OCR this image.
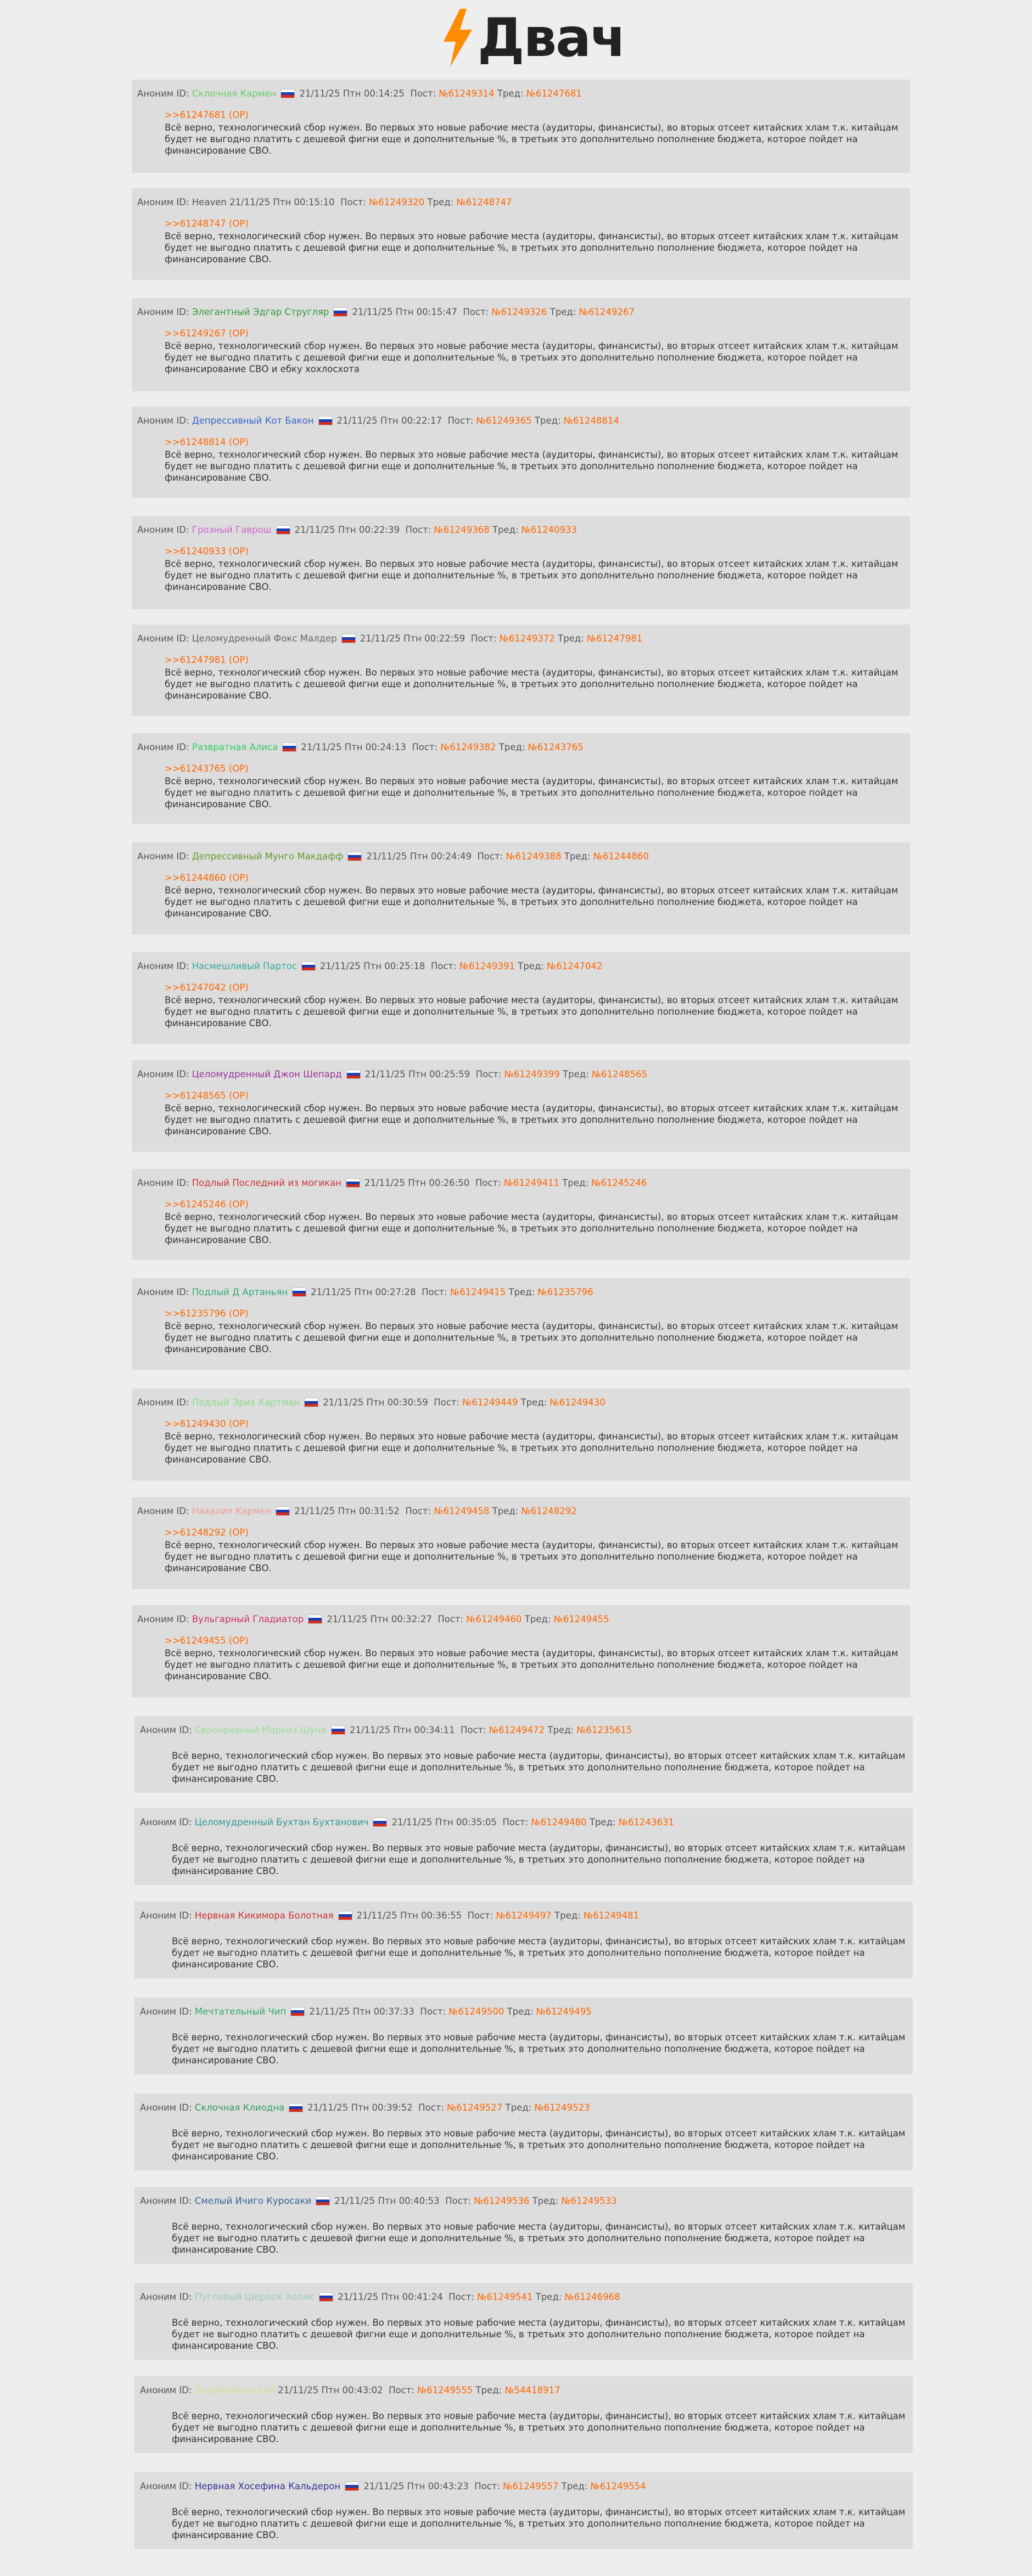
Двач
Аноним ID: Склочная Кармен	21/11/25 Птн 00:14:25 Пост: №61249314 Тред: №61247681
>>61247681 (OP)
Всё верно, технологический сбор нужен. Во первых это новые рабочие места (аудиторы, финансисты), во вторых отсеет китайских хлам т.к. китайцам будет не выгодно платить с дешевой фигни еще и дополнительные %, в третьих это дополнительно пополнение бюджета, которое пойдет на финансирование СВО.
Аноним ID: Heaven 21/11/25 Птн 00:15:10 Пост: №61249320 Тред: №61248747
>>61248747 (OP)
Всё верно, технологический сбор нужен. Во первых это новые рабочие места (аудиторы, финансисты), во вторых отсеет китайских хлам т.к. китайцам будет не выгодно платить с дешевой фигни еще и дополнительные %, в третьих это дополнительно пополнение бюджета, которое пойдет на финансирование СВО.
Аноним ID: Элегантный Эдгар Стругляр	21/11/25 Птн 00:15:47 Пост: №61249326 Тред: №61249267
>>61249267 (OP)
Всё верно, технологический сбор нужен. Во первых это новые рабочие места (аудиторы, финансисты), во вторых отсеет китайских хлам т.к. китайцам будет не выгодно платить с дешевой фигни еще и дополнительные %, в третьих это дополнительно пополнение бюджета, которое пойдет на финансирование СВО и ебку хохлосхота
Аноним ID: Депрессивный Кот Бакон	21/11/25 Птн 00:22:17 Пост: №61249365 Тред: №61248814
>>61248814 (OP)
Всё верно, технологический сбор нужен. Во первых это новые рабочие места (аудиторы, финансисты), во вторых отсеет китайских хлам т.к. китайцам будет не выгодно платить с дешевой фигни еще и дополнительные %, в третьих это дополнительно пополнение бюджета, которое пойдет на финансирование СВО.
Аноним ID: Грозный Гаврош	21/11/25 Птн 00:22:39 Пост: №61249368 Тред: №61240933
>>61240933 (OP)
Всё верно, технологический сбор нужен. Во первых это новые рабочие места (аудиторы, финансисты), во вторых отсеет китайских хлам т.к. китайцам будет не выгодно платить с дешевой фигни еще и дополнительные %, в третьих это дополнительно пополнение бюджета, которое пойдет на финансирование СВО.
Аноним ID: Целомудренный Фокс Малдер	21/11/25 Птн 00:22:59 Пост: №61249372 Тред: №61247981
>>61247981 (OP)
Всё верно, технологический сбор нужен. Во первых это новые рабочие места (аудиторы, финансисты), во вторых отсеет китайских хлам т.к. китайцам будет не выгодно платить с дешевой фигни еще и дополнительные %, в третьих это дополнительно пополнение бюджета, которое пойдет на финансирование СВО.
Аноним ID: Развратная Алиса	21/11/25 Птн 00:24:13 Пост: №61249382 Тред: №61243765
>>61243765 (OP)
Всё верно, технологический сбор нужен. Во первых это новые рабочие места (аудиторы, финансисты), во вторых отсеет китайских хлам т.к. китайцам будет не выгодно платить с дешевой фигни еще и дополнительные %, в третьих это дополнительно пополнение бюджета, которое пойдет на финансирование СВО.
Аноним ID: Депрессивный Мунго Макдафф	21/11/25 Птн 00:24:49 Пост: №61249388 Тред: №61244860
>>61244860 (OP)
Всё верно, технологический сбор нужен. Во первых это новые рабочие места (аудиторы, финансисты), во вторых отсеет китайских хлам т.к. китайцам будет не выгодно платить с дешевой фигни еще и дополнительные %, в третьих это дополнительно пополнение бюджета, которое пойдет на финансирование СВО.
Аноним ID: Насмешливый Партос	21/11/25 Птн 00:25:18 Пост: №61249391 Тред: №61247042
>>61247042 (OP)
Всё верно, технологический сбор нужен. Во первых это новые рабочие места (аудиторы, финансисты), во вторых отсеет китайских хлам т.к. китайцам будет не выгодно платить с дешевой фигни еще и дополнительные %, в третьих это дополнительно пополнение бюджета, которое пойдет на финансирование СВО.
Аноним ID: Целомудренный Джон Шепард	21/11/25 Птн 00:25:59 Пост: №61249399 Тред: №61248565
>>61248565 (OP)
Всё верно, технологический сбор нужен. Во первых это новые рабочие места (аудиторы, финансисты), во вторых отсеет китайских хлам т.к. китайцам будет не выгодно платить с дешевой фигни еще и дополнительные %, в третьих это дополнительно пополнение бюджета, которое пойдет на финансирование СВО.
Аноним ID: Подлый Последний из могикан	21/11/25 Птн 00:26:50 Пост: №61249411 Тред: №61245246
>>61245246 (OP)
Всё верно, технологический сбор нужен. Во первых это новые рабочие места (аудиторы, финансисты), во вторых отсеет китайских хлам т.к. китайцам будет не выгодно платить с дешевой фигни еще и дополнительные %, в третьих это дополнительно пополнение бюджета, которое пойдет на финансирование СВО.
Аноним ID: Подлый Д Артаньян	21/11/25 Птн 00:27:28 Пост: №61249415 Тред: №61235796
>>61235796 (OP)
Всё верно, технологический сбор нужен. Во первых это новые рабочие места (аудиторы, финансисты), во вторых отсеет китайских хлам т.к. китайцам будет не выгодно платить с дешевой фигни еще и дополнительные %, в третьих это дополнительно пополнение бюджета, которое пойдет на финансирование СВО.
Аноним ID: Подлый Эрих Картман	21/11/25 Птн 00:30:59 Пост: №61249449 Тред: №61249430
>>61249430 (OP)
Всё верно, технологический сбор нужен. Во первых это новые рабочие места (аудиторы, финансисты), во вторых отсеет китайских хлам т.к. китайцам будет не выгодно платить с дешевой фигни еще и дополнительные %, в третьих это дополнительно пополнение бюджета, которое пойдет на финансирование СВО.
Аноним ID: Нахалия Кармен	21/11/25 Птн 00:31:52 Пост: №61249458 Тред: №61248292
>>61248292 (OP)
Всё верно, технологический сбор нужен. Во первых это новые рабочие места (аудиторы, финансисты), во вторых отсеет китайских хлам т.к. китайцам будет не выгодно платить с дешевой фигни еще и дополнительные %, в третьих это дополнительно пополнение бюджета, которое пойдет на финансирование СВО.
Аноним ID: Вульгарный Гладиатор	21/11/25 Птн 00:32:27 Пост: №61249460 Тред: №61249455
>>61249455 (OP)
Всё верно, технологический сбор нужен. Во первых это новые рабочие места (аудиторы, финансисты), во вторых отсеет китайских хлам т.к. китайцам будет не выгодно платить с дешевой фигни еще и дополнительные %, в третьих это дополнительно пополнение бюджета, которое пойдет на финансирование СВО.
Аноним ID: Своенравный Маркиз Шуна	21/11/25 Птн 00:34:11 Пост: №61249472 Тред: №61235615
Всё верно, технологический сбор нужен. Во первых это новые рабочие места (аудиторы, финансисты), во вторых отсеет китайских хлам т.к. китайцам будет не выгодно платить с дешевой фигни еще и дополнительные %, в третьих это дополнительно пополнение бюджета, которое пойдет на финансирование СВО.
Аноним ID: Целомудренный Бухтан Бухтанович	21/11/25 Птн 00:35:05 Пост: №61249480 Тред: №61243631
Всё верно, технологический сбор нужен. Во первых это новые рабочие места (аудиторы, финансисты), во вторых отсеет китайских хлам т.к. китайцам будет не выгодно платить с дешевой фигни еще и дополнительные %, в третьих это дополнительно пополнение бюджета, которое пойдет на финансирование СВО.
Аноним ID: Нервная Кикимора Болотная	21/11/25 Птн 00:36:55 Пост: №61249497 Тред: №61249481
Всё верно, технологический сбор нужен. Во первых это новые рабочие места (аудиторы, финансисты), во вторых отсеет китайских хлам т.к. китайцам будет не выгодно платить с дешевой фигни еще и дополнительные %, в третьих это дополнительно пополнение бюджета, которое пойдет на финансирование СВО.
Аноним ID: Мечтательный Чип	21/11/25 Птн 00:37:33 Пост: №61249500 Тред: №61249495
Всё верно, технологический сбор нужен. Во первых это новые рабочие места (аудиторы, финансисты), во вторых отсеет китайских хлам т.к. китайцам будет не выгодно платить с дешевой фигни еще и дополнительные %, в третьих это дополнительно пополнение бюджета, которое пойдет на финансирование СВО.
Аноним ID: Склочная Клиодна	21/11/25 Птн 00:39:52 Пост: №61249527 Тред: №61249523
Всё верно, технологический сбор нужен. Во первых это новые рабочие места (аудиторы, финансисты), во вторых отсеет китайских хлам т.к. китайцам будет не выгодно платить с дешевой фигни еще и дополнительные %, в третьих это дополнительно пополнение бюджета, которое пойдет на финансирование СВО.
Аноним ID: Смелый Ичиго Куросаки	21/11/25 Птн 00:40:53 Пост: №61249536 Тред: №61249533
Всё верно, технологический сбор нужен. Во первых это новые рабочие места (аудиторы, финансисты), во вторых отсеет китайских хлам т.к. китайцам будет не выгодно платить с дешевой фигни еще и дополнительные %, в третьих это дополнительно пополнение бюджета, которое пойдет на финансирование СВО.
Аноним ID: Пугливый Шерлок Холмс	21/11/25 Птн 00:41:24 Пост: №61249541 Тред: №61246968
Всё верно, технологический сбор нужен. Во первых это новые рабочие места (аудиторы, финансисты), во вторых отсеет китайских хлам т.к. китайцам будет не выгодно платить с дешевой фигни еще и дополнительные %, в третьих это дополнительно пополнение бюджета, которое пойдет на финансирование СВО.
Аноним ID: Задумчивый Кей 21/11/25 Птн 00:43:02 Пост: №61249555 Тред: №54418917
Всё верно, технологический сбор нужен. Во первых это новые рабочие места (аудиторы, финансисты), во вторых отсеет китайских хлам т.к. китайцам будет не выгодно платить с дешевой фигни еще и дополнительные %, в третьих это дополнительно пополнение бюджета, которое пойдет на финансирование СВО.
Аноним ID: Нервная Хосефина Кальдерон	21/11/25 Птн 00:43:23 Пост: №61249557 Тред: №61249554
Всё верно, технологический сбор нужен. Во первых это новые рабочие места (аудиторы, финансисты), во вторых отсеет китайских хлам т.к. китайцам будет не выгодно платить с дешевой фигни еще и дополнительные %, в третьих это дополнительно пополнение бюджета, которое пойдет на финансирование СВО.
